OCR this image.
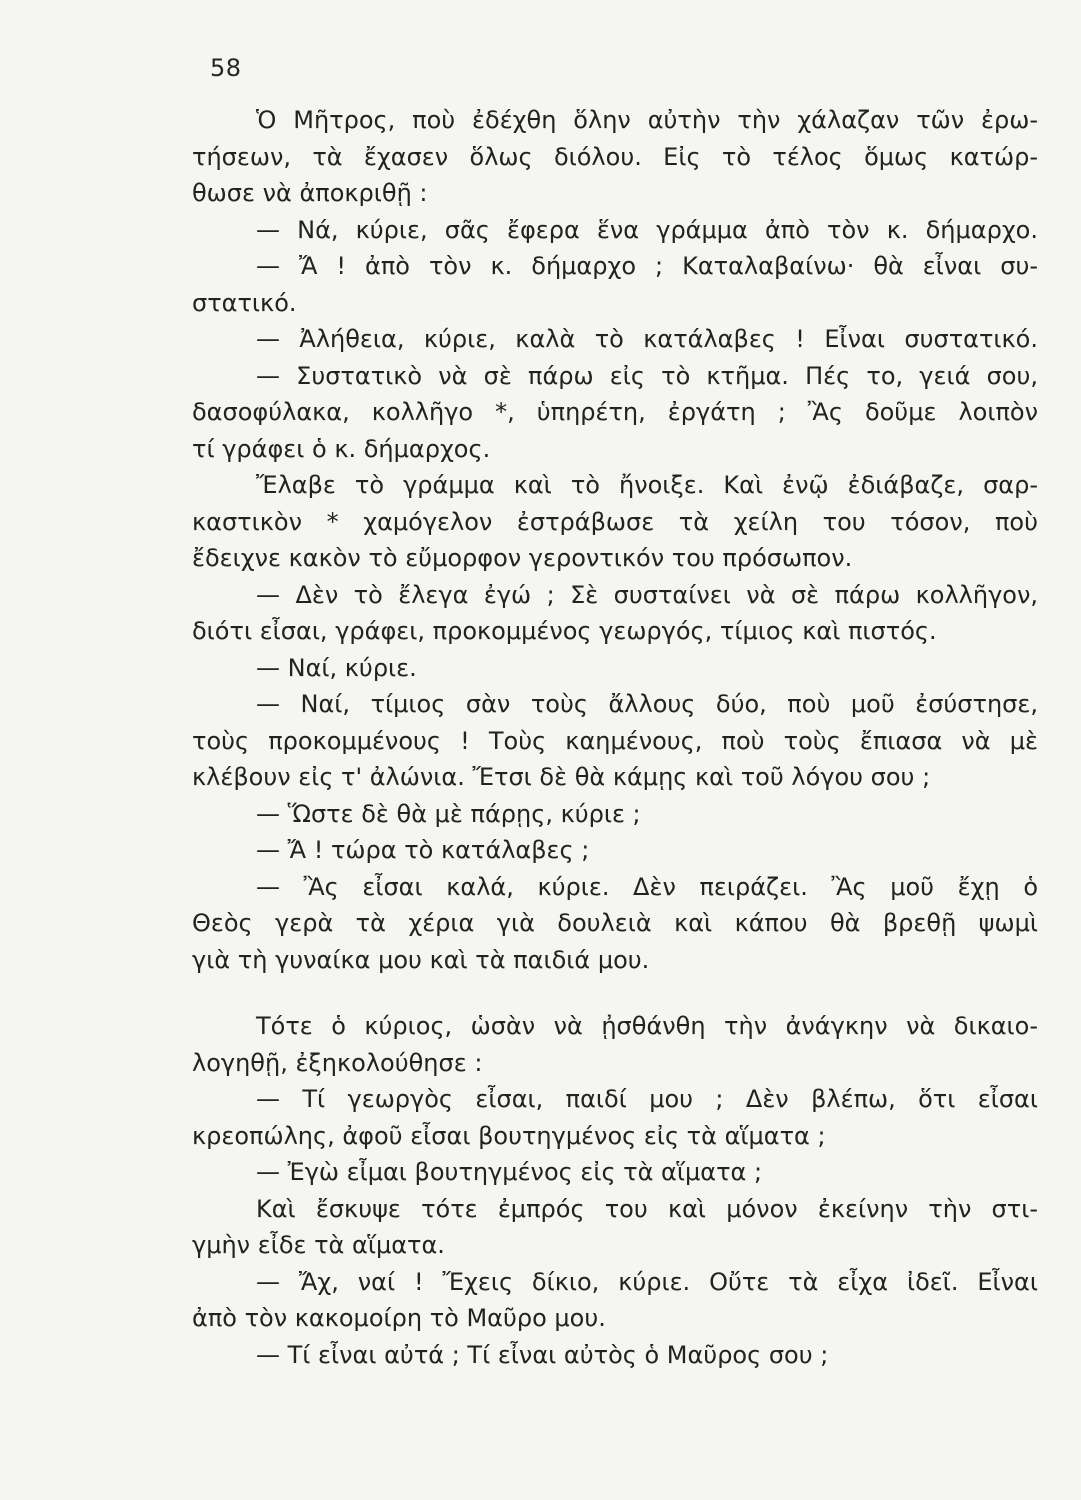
58
Ὁ Μῆτρος, ποὺ ἐδέχθη ὅλην αὐτὴν τὴν χάλαζαν τῶν ἐρω-
τήσεων, τὰ ἔχασεν ὅλως διόλου. Εἰς τὸ τέλος ὅμως κατώρ-
θωσε νὰ ἀποκριθῇ :
— Νά, κύριε, σᾶς ἔφερα ἕνα γράμμα ἀπὸ τὸν κ. δήμαρχο.
— Ἄ ! ἀπὸ τὸν κ. δήμαρχο ; Καταλαβαίνω· θὰ εἶναι συ-
στατικό.
— Ἀλήθεια, κύριε, καλὰ τὸ κατάλαβες ! Εἶναι συστατικό.
— Συστατικὸ νὰ σὲ πάρω εἰς τὸ κτῆμα. Πές το, γειά σου,
δασοφύλακα, κολλῆγο *, ὑπηρέτη, ἐργάτη ; Ἂς δοῦμε λοιπὸν
τί γράφει ὁ κ. δήμαρχος.
Ἔλαβε τὸ γράμμα καὶ τὸ ἤνοιξε. Καὶ ἐνῷ ἐδιάβαζε, σαρ-
καστικὸν * χαμόγελον ἐστράβωσε τὰ χείλη του τόσον, ποὺ
ἔδειχνε κακὸν τὸ εὔμορφον γεροντικόν του πρόσωπον.
— Δὲν τὸ ἔλεγα ἐγώ ; Σὲ συσταίνει νὰ σὲ πάρω κολλῆγον,
διότι εἶσαι, γράφει, προκομμένος γεωργός, τίμιος καὶ πιστός.
— Ναί, κύριε.
— Ναί, τίμιος σὰν τοὺς ἄλλους δύο, ποὺ μοῦ ἐσύστησε,
τοὺς προκομμένους ! Τοὺς καημένους, ποὺ τοὺς ἔπιασα νὰ μὲ
κλέβουν εἰς τ' ἀλώνια. Ἔτσι δὲ θὰ κάμῃς καὶ τοῦ λόγου σου ;
— Ὥστε δὲ θὰ μὲ πάρῃς, κύριε ;
— Ἄ ! τώρα τὸ κατάλαβες ;
— Ἂς εἶσαι καλά, κύριε. Δὲν πειράζει. Ἂς μοῦ ἔχῃ ὁ
Θεὸς γερὰ τὰ χέρια γιὰ δουλειὰ καὶ κάπου θὰ βρεθῇ ψωμὶ
γιὰ τὴ γυναίκα μου καὶ τὰ παιδιά μου.
Τότε ὁ κύριος, ὡσὰν νὰ ᾐσθάνθη τὴν ἀνάγκην νὰ δικαιο-
λογηθῇ, ἐξηκολούθησε :
— Τί γεωργὸς εἶσαι, παιδί μου ; Δὲν βλέπω, ὅτι εἶσαι
κρεοπώλης, ἀφοῦ εἶσαι βουτηγμένος εἰς τὰ αἵματα ;
— Ἐγὼ εἶμαι βουτηγμένος εἰς τὰ αἵματα ;
Καὶ ἔσκυψε τότε ἐμπρός του καὶ μόνον ἐκείνην τὴν στι-
γμὴν εἶδε τὰ αἵματα.
— Ἄχ, ναί ! Ἔχεις δίκιο, κύριε. Οὔτε τὰ εἶχα ἰδεῖ. Εἶναι
ἀπὸ τὸν κακομοίρη τὸ Μαῦρο μου.
— Τί εἶναι αὐτά ; Τί εἶναι αὐτὸς ὁ Μαῦρος σου ;
